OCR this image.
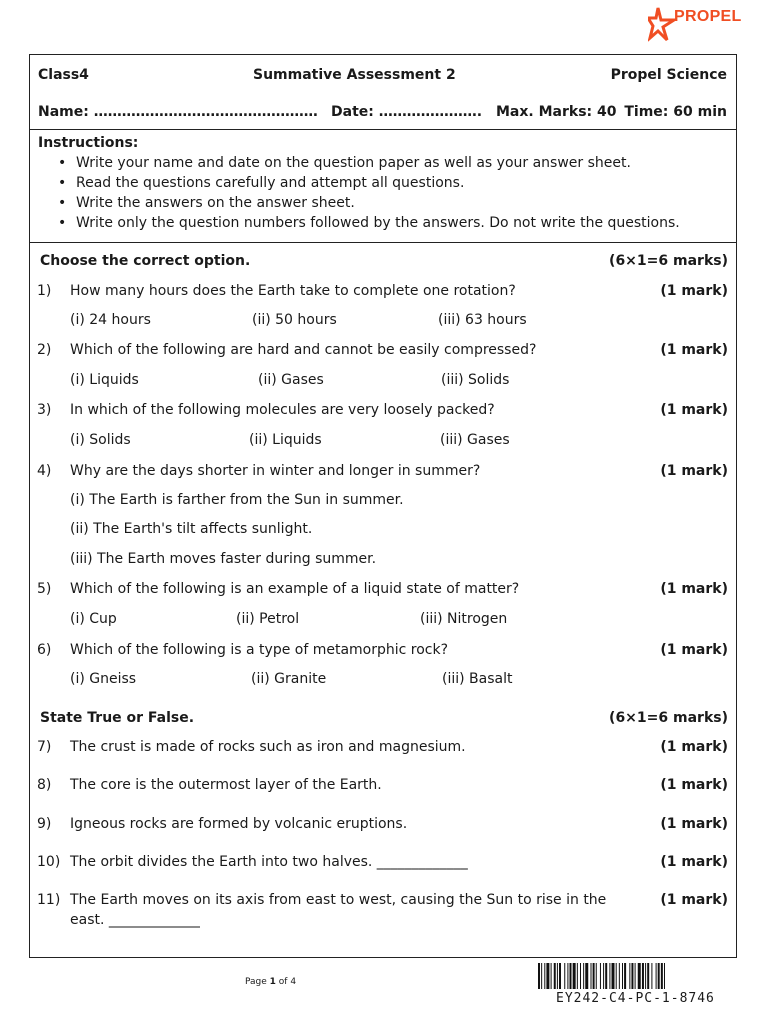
PROPEL
Class4	Summative Assessment 2	Propel Science
Name: ………………………………………… Date: …………………. Max. Marks: 40 Time: 60 min
Instructions:
• Write your name and date on the question paper as well as your answer sheet.
• Read the questions carefully and attempt all questions.
• Write the answers on the answer sheet.
• Write only the question numbers followed by the answers. Do not write the questions.
Choose the correct option.	(6×1=6 marks)
1) How many hours does the Earth take to complete one rotation?	(1 mark)
(i) 24 hours	(ii) 50 hours	(iii) 63 hours
2) Which of the following are hard and cannot be easily compressed?	(1 mark)
(i) Liquids	(ii) Gases	(iii) Solids
3) In which of the following molecules are very loosely packed?	(1 mark)
(i) Solids	(ii) Liquids	(iii) Gases
4) Why are the days shorter in winter and longer in summer?	(1 mark)
(i) The Earth is farther from the Sun in summer.
(ii) The Earth's tilt affects sunlight.
(iii) The Earth moves faster during summer.
5) Which of the following is an example of a liquid state of matter?	(1 mark)
(i) Cup	(ii) Petrol	(iii) Nitrogen
6) Which of the following is a type of metamorphic rock?	(1 mark)
(i) Gneiss	(ii) Granite	(iii) Basalt
State True or False.	(6×1=6 marks)
7) The crust is made of rocks such as iron and magnesium.	(1 mark)
8) The core is the outermost layer of the Earth.	(1 mark)
9) Igneous rocks are formed by volcanic eruptions.	(1 mark)
10) The orbit divides the Earth into two halves. _____________	(1 mark)
11) The Earth moves on its axis from east to west, causing the Sun to rise in the
east. _____________
(1 mark)
Page 1 of 4
EY242-C4-PC-1-8746
